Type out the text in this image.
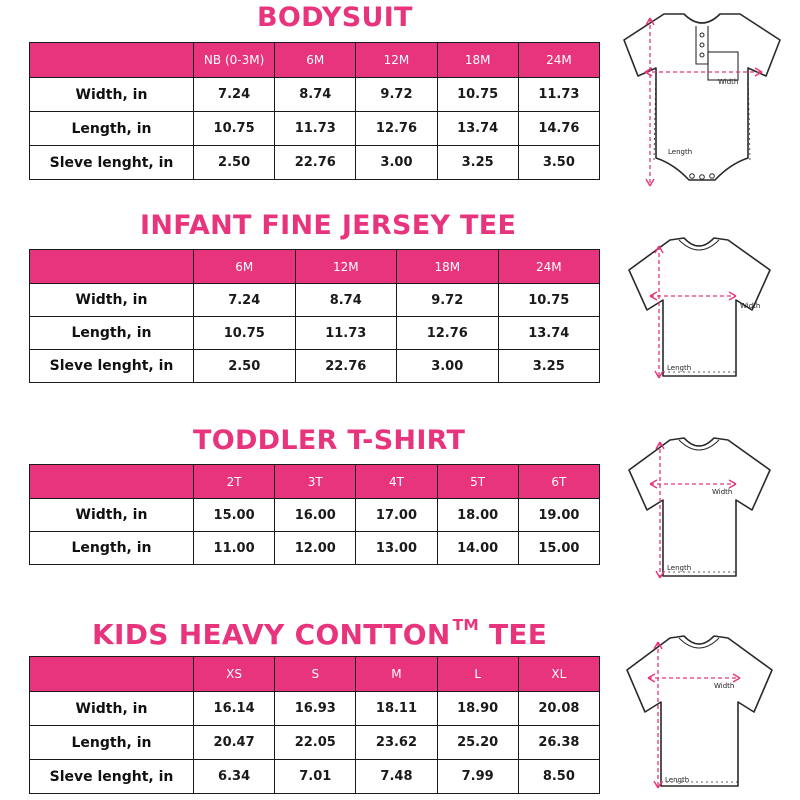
BODYSUIT
	NB (0-3M)	6M	12M	18M	24M
Width, in	7.24	8.74	9.72	10.75	11.73
Length, in	10.75	11.73	12.76	13.74	14.76
Sleve lenght, in	2.50	22.76	3.00	3.25	3.50
Width
Length
INFANT FINE JERSEY TEE
	6M	12M	18M	24M
Width, in	7.24	8.74	9.72	10.75
Length, in	10.75	11.73	12.76	13.74
Sleve lenght, in	2.50	22.76	3.00	3.25
Width
Length
TODDLER T-SHIRT
	2T	3T	4T	5T	6T
Width, in	15.00	16.00	17.00	18.00	19.00
Length, in	11.00	12.00	13.00	14.00	15.00
Width
Length
KIDS HEAVY CONTTON ™ TEE
	XS	S	M	L	XL
Width, in	16.14	16.93	18.11	18.90	20.08
Length, in	20.47	22.05	23.62	25.20	26.38
Sleve lenght, in	6.34	7.01	7.48	7.99	8.50
Width
Length
